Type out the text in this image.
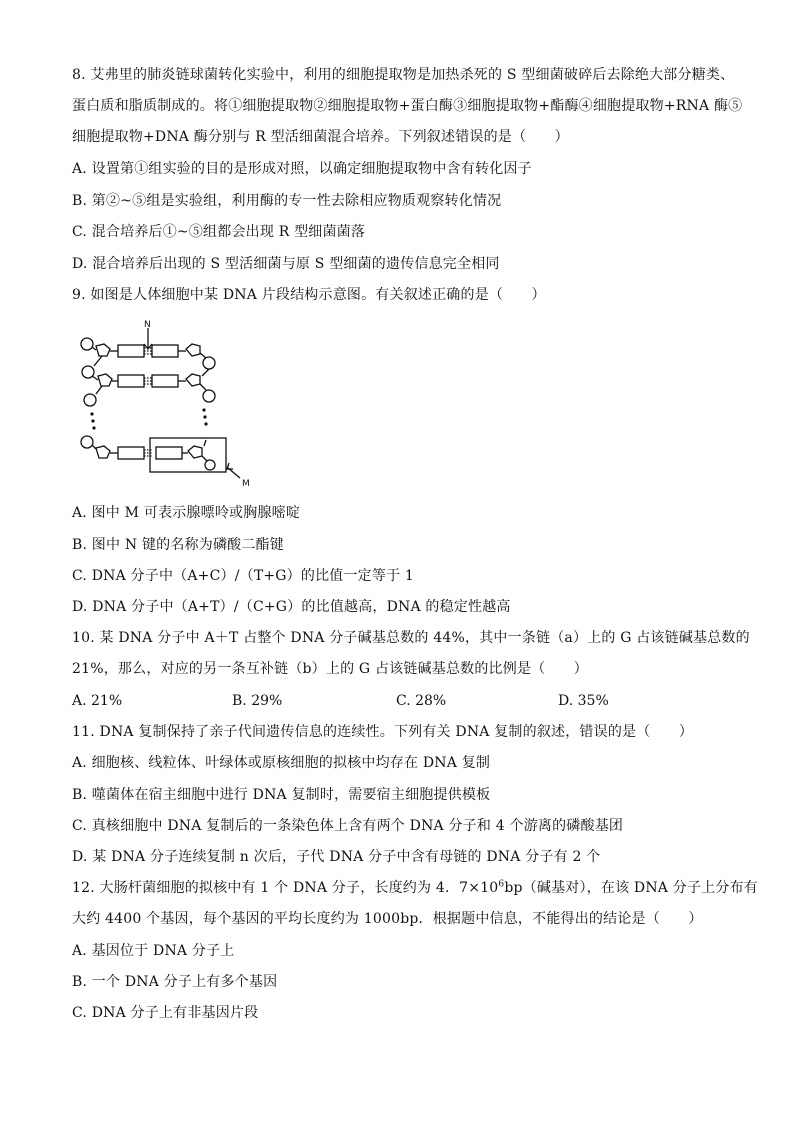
8. 艾弗里的肺炎链球菌转化实验中，利用的细胞提取物是加热杀死的 S 型细菌破碎后去除绝大部分糖类、
蛋白质和脂质制成的。将①细胞提取物②细胞提取物+蛋白酶③细胞提取物+酯酶④细胞提取物+RNA 酶⑤
细胞提取物+DNA 酶分别与 R 型活细菌混合培养。下列叙述错误的是（　　）
A. 设置第①组实验的目的是形成对照，以确定细胞提取物中含有转化因子
B. 第②~⑤组是实验组，利用酶的专一性去除相应物质观察转化情况
C. 混合培养后①~⑤组都会出现 R 型细菌菌落
D. 混合培养后出现的 S 型活细菌与原 S 型细菌的遗传信息完全相同
9. 如图是人体细胞中某 DNA 片段结构示意图。有关叙述正确的是（　　）
N
M
A. 图中 M 可表示腺嘌呤或胸腺嘧啶
B. 图中 N 键的名称为磷酸二酯键
C. DNA 分子中（A+C）/（T+G）的比值一定等于 1
D. DNA 分子中（A+T）/（C+G）的比值越高，DNA 的稳定性越高
10. 某 DNA 分子中 A＋T 占整个 DNA 分子碱基总数的 44%，其中一条链（a）上的 G 占该链碱基总数的
21%，那么，对应的另一条互补链（b）上的 G 占该链碱基总数的比例是（　　）
A. 21%	B. 29%	C. 28%	D. 35%
11. DNA 复制保持了亲子代间遗传信息的连续性。下列有关 DNA 复制的叙述，错误的是（　　）
A. 细胞核、线粒体、叶绿体或原核细胞的拟核中均存在 DNA 复制
B. 噬菌体在宿主细胞中进行 DNA 复制时，需要宿主细胞提供模板
C. 真核细胞中 DNA 复制后的一条染色体上含有两个 DNA 分子和 4 个游离的磷酸基团
D. 某 DNA 分子连续复制 n 次后，子代 DNA 分子中含有母链的 DNA 分子有 2 个
12. 大肠杆菌细胞的拟核中有 1 个 DNA 分子，长度约为 4．$7\times 10^6bp$（碱基对），在该 DNA 分子上分布有
大约 4400 个基因，每个基因的平均长度约为 1000bp．根据题中信息，不能得出的结论是（　　）
A. 基因位于 DNA 分子上
B. 一个 DNA 分子上有多个基因
C. DNA 分子上有非基因片段
